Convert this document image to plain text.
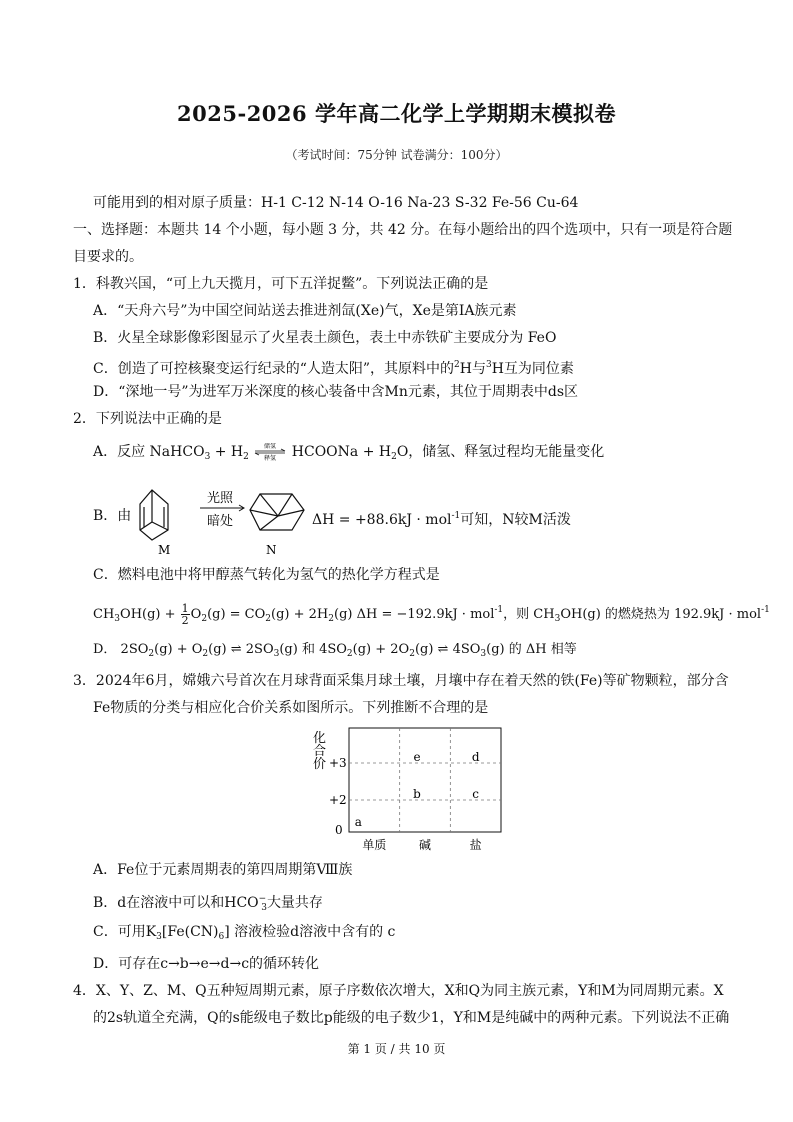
2025-2026 学年高二化学上学期期末模拟卷
（考试时间：75分钟 试卷满分：100分）
可能用到的相对原子质量：H-1 C-12 N-14 O-16 Na-23 S-32 Fe-56 Cu-64
一、选择题：本题共 14 个小题，每小题 3 分，共 42 分。在每小题给出的四个选项中，只有一项是符合题
目要求的。
1．科教兴国，“可上九天揽月，可下五洋捉鳖”。下列说法正确的是
A．“天舟六号”为中国空间站送去推进剂氙(Xe)气，Xe是第IA族元素
B．火星全球影像彩图显示了火星表土颜色，表土中赤铁矿主要成分为 FeO
C．创造了可控核聚变运行纪录的“人造太阳”，其原料中的$^2$H与$^3$H互为同位素
D．“深地一号”为进军万米深度的核心装备中含Mn元素，其位于周期表中ds区
2．下列说法中正确的是
A．反应 NaHCO$_3$ + $H_2$
储氢
释氢 HCOONa + $H_2O$，储氢、释氢过程均无能量变化
B．由
M
光照
暗处
N
ΔH = +88.6kJ · mol$^{-1}$可知，N较M活泼
C．燃料电池中将甲醇蒸气转化为氢气的热化学方程式是
$CH_3OH(g) + \frac{1}{2} O_2(g) = CO_2(g) + 2H_2(g) \Delta H = -192.9kJ \cdot mol^{-1}$，则 $CH_3OH(g)$ 的燃烧热为 192.9kJ · mol$^{-1}$
D． $2SO_2(g) + O_2(g)$ ⇌ $2SO_3(g)$ 和 $4SO_2(g) + 2O_2(g)$ ⇌ $4SO_3(g)$ 的 ΔH 相等
3．2024年6月，嫦娥六号首次在月球背面采集月球土壤，月壤中存在着天然的铁(Fe)等矿物颗粒，部分含
Fe物质的分类与相应化合价关系如图所示。下列推断不合理的是
化
合
价
0
+2
+3
单质	碱	盐
a
b	c
e	d
A．Fe位于元素周期表的第四周期第Ⅷ族
B．d在溶液中可以和$HCO^-_3$大量共存
C．可用$K_3[Fe(CN)_6]$ 溶液检验d溶液中含有的 c
D．可存在c→b→e→d→c的循环转化
4．X、Y、Z、M、Q五种短周期元素，原子序数依次增大，X和Q为同主族元素，Y和M为同周期元素。X
的2s轨道全充满，Q的s能级电子数比p能级的电子数少1，Y和M是纯碱中的两种元素。下列说法不正确
第 1 页 / 共 10 页
